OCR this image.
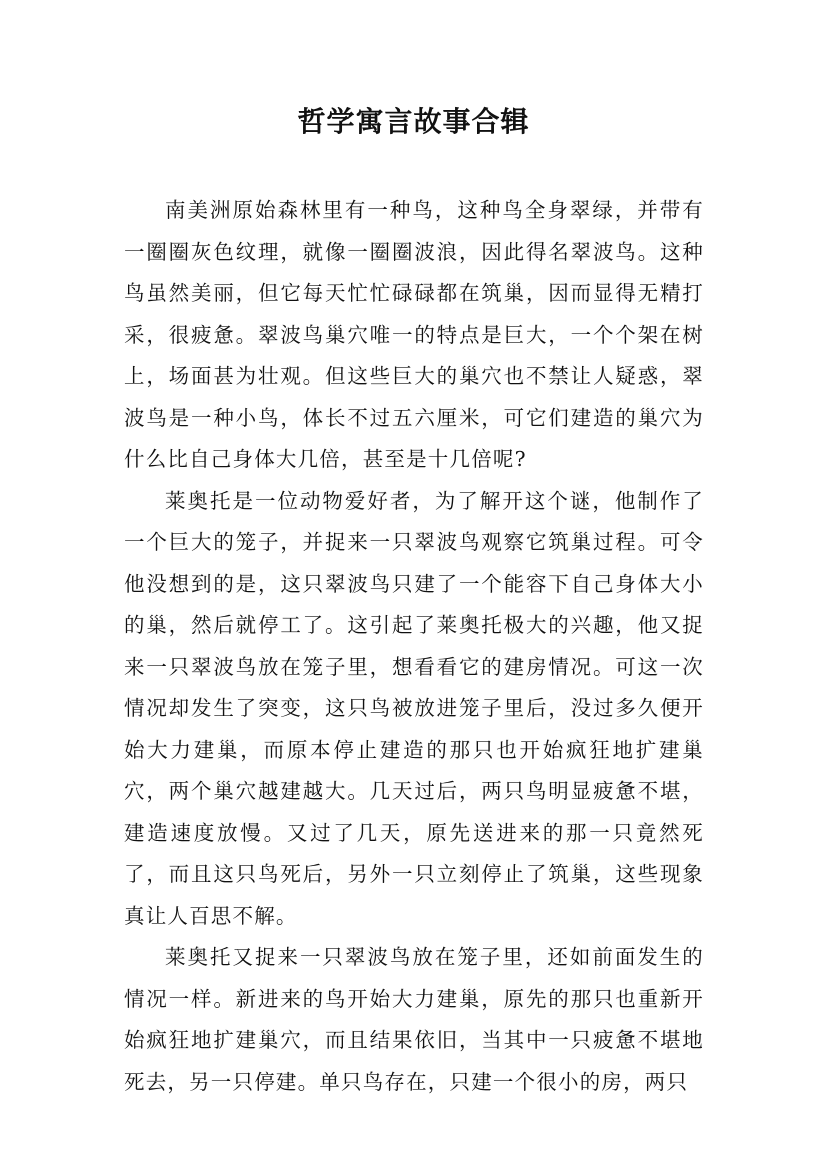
哲学寓言故事合辑

南美洲原始森林里有一种鸟，这种鸟全身翠绿，并带有一圈圈灰色纹理，就像一圈圈波浪，因此得名翠波鸟。这种鸟虽然美丽，但它每天忙忙碌碌都在筑巢，因而显得无精打采，很疲惫。翠波鸟巢穴唯一的特点是巨大，一个个架在树上，场面甚为壮观。但这些巨大的巢穴也不禁让人疑惑，翠波鸟是一种小鸟，体长不过五六厘米，可它们建造的巢穴为什么比自己身体大几倍，甚至是十几倍呢?

莱奥托是一位动物爱好者，为了解开这个谜，他制作了一个巨大的笼子，并捉来一只翠波鸟观察它筑巢过程。可令他没想到的是，这只翠波鸟只建了一个能容下自己身体大小的巢，然后就停工了。这引起了莱奥托极大的兴趣，他又捉来一只翠波鸟放在笼子里，想看看它的建房情况。可这一次情况却发生了突变，这只鸟被放进笼子里后，没过多久便开始大力建巢，而原本停止建造的那只也开始疯狂地扩建巢穴，两个巢穴越建越大。几天过后，两只鸟明显疲惫不堪，建造速度放慢。又过了几天，原先送进来的那一只竟然死了，而且这只鸟死后，另外一只立刻停止了筑巢，这些现象真让人百思不解。

莱奥托又捉来一只翠波鸟放在笼子里，还如前面发生的情况一样。新进来的鸟开始大力建巢，原先的那只也重新开始疯狂地扩建巢穴，而且结果依旧，当其中一只疲惫不堪地死去，另一只停建。单只鸟存在，只建一个很小的房，两只
